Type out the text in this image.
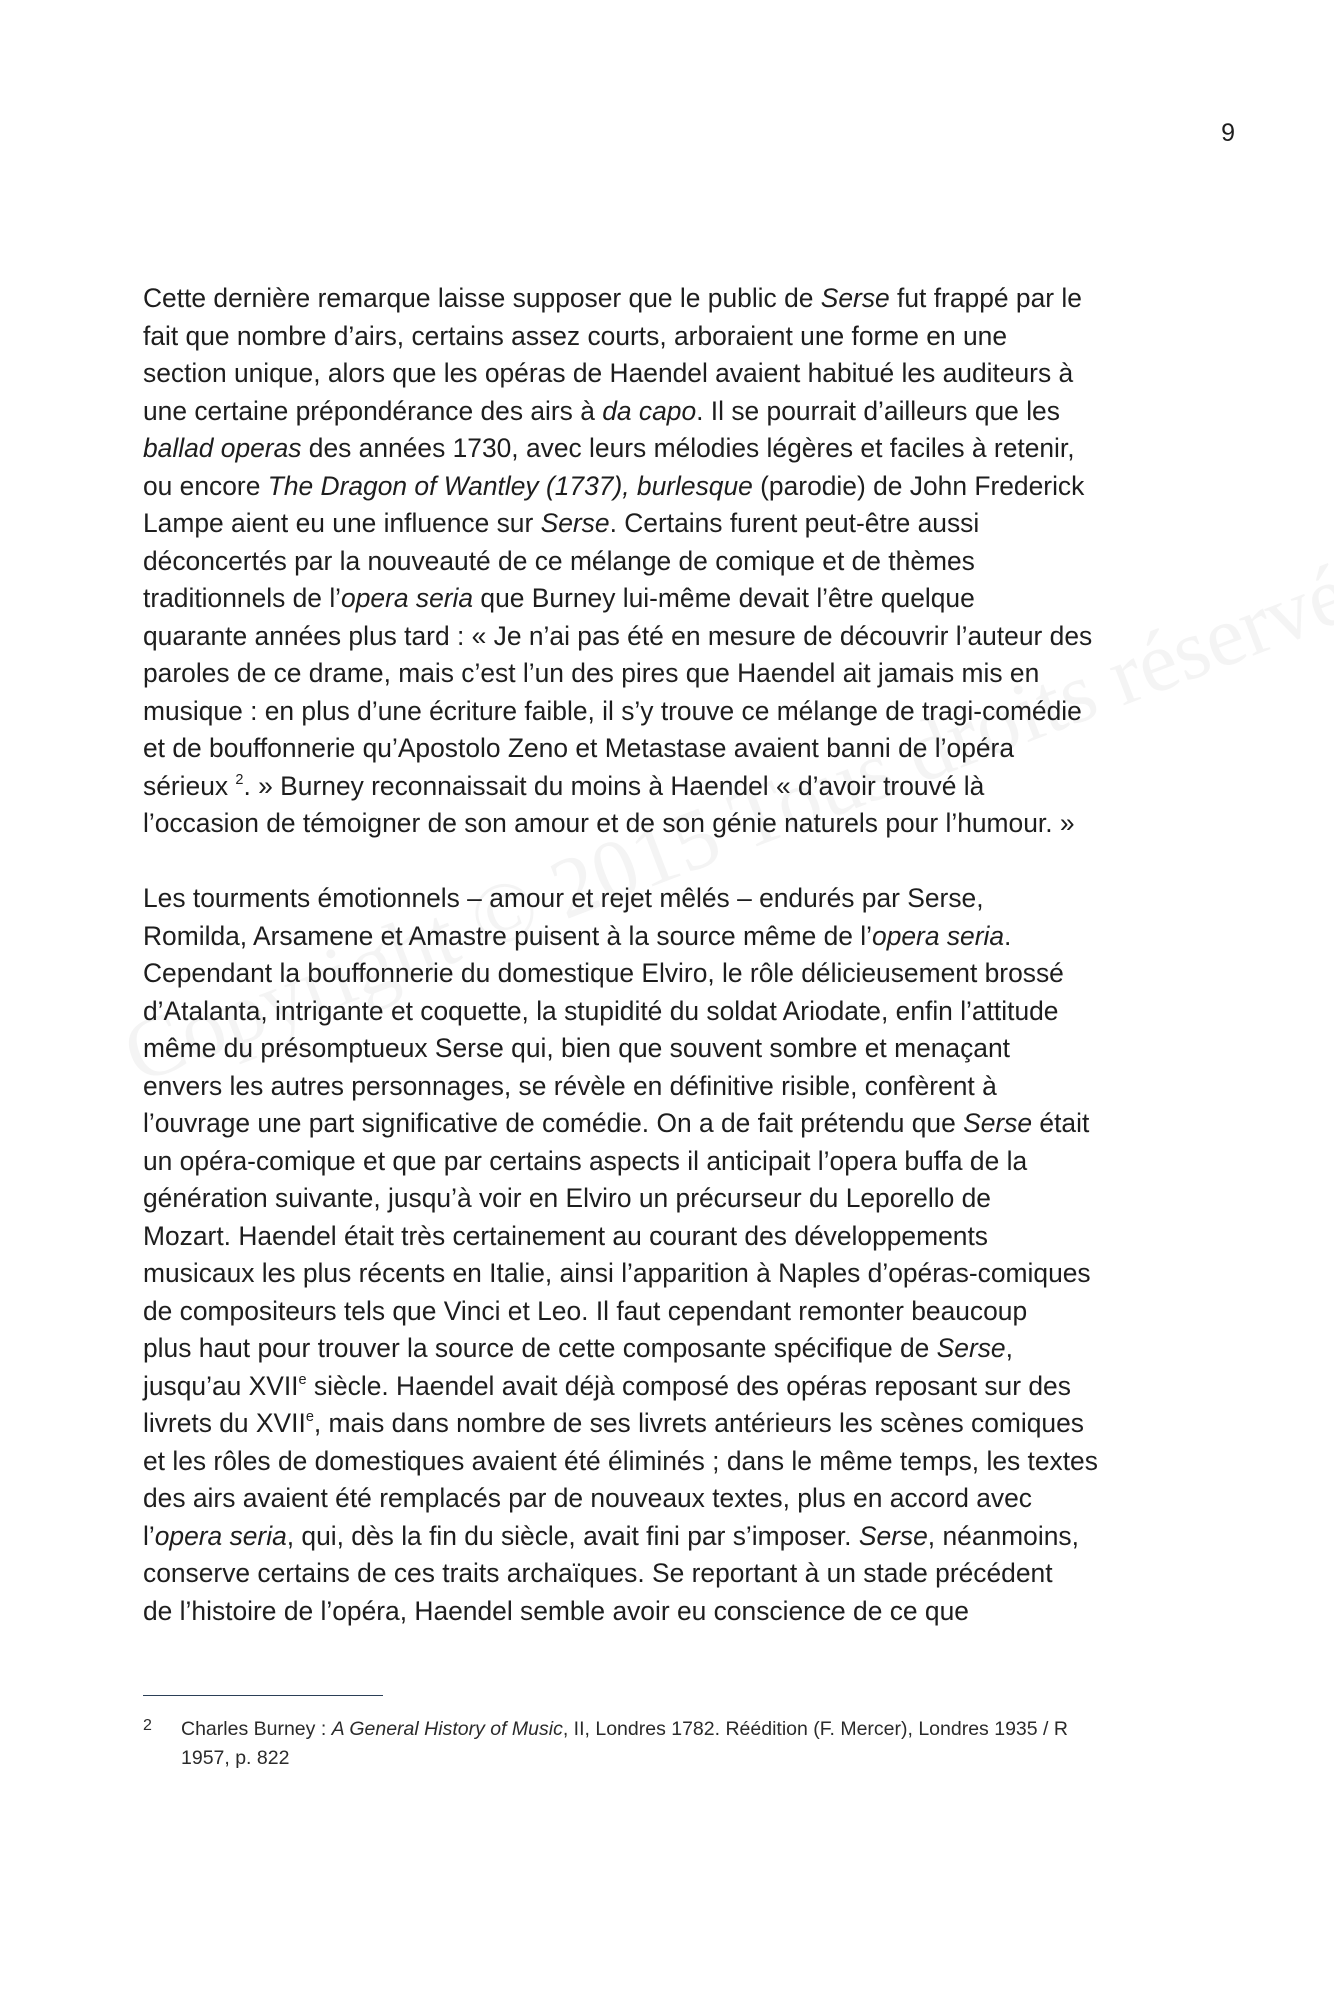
9

Cette dernière remarque laisse supposer que le public de Serse fut frappé par le
fait que nombre d’airs, certains assez courts, arboraient une forme en une
section unique, alors que les opéras de Haendel avaient habitué les auditeurs à
une certaine prépondérance des airs à da capo. Il se pourrait d’ailleurs que les
ballad operas des années 1730, avec leurs mélodies légères et faciles à retenir,
ou encore The Dragon of Wantley (1737), burlesque (parodie) de John Frederick
Lampe aient eu une influence sur Serse. Certains furent peut-être aussi
déconcertés par la nouveauté de ce mélange de comique et de thèmes
traditionnels de l’opera seria que Burney lui-même devait l’être quelque
quarante années plus tard : « Je n’ai pas été en mesure de découvrir l’auteur des
paroles de ce drame, mais c’est l’un des pires que Haendel ait jamais mis en
musique : en plus d’une écriture faible, il s’y trouve ce mélange de tragi-comédie
et de bouffonnerie qu’Apostolo Zeno et Metastase avaient banni de l’opéra
sérieux $^2$. » Burney reconnaissait du moins à Haendel « d’avoir trouvé là
l’occasion de témoigner de son amour et de son génie naturels pour l’humour. »

Les tourments émotionnels – amour et rejet mêlés – endurés par Serse,
Romilda, Arsamene et Amastre puisent à la source même de l’opera seria.
Cependant la bouffonnerie du domestique Elviro, le rôle délicieusement brossé
d’Atalanta, intrigante et coquette, la stupidité du soldat Ariodate, enfin l’attitude
même du présomptueux Serse qui, bien que souvent sombre et menaçant
envers les autres personnages, se révèle en définitive risible, confèrent à
l’ouvrage une part significative de comédie. On a de fait prétendu que Serse était
un opéra-comique et que par certains aspects il anticipait l’opera buffa de la
génération suivante, jusqu’à voir en Elviro un précurseur du Leporello de
Mozart. Haendel était très certainement au courant des développements
musicaux les plus récents en Italie, ainsi l’apparition à Naples d’opéras-comiques
de compositeurs tels que Vinci et Leo. Il faut cependant remonter beaucoup
plus haut pour trouver la source de cette composante spécifique de Serse,
jusqu’au XVIIe siècle. Haendel avait déjà composé des opéras reposant sur des
livrets du XVIIe, mais dans nombre de ses livrets antérieurs les scènes comiques
et les rôles de domestiques avaient été éliminés ; dans le même temps, les textes
des airs avaient été remplacés par de nouveaux textes, plus en accord avec
l’opera seria, qui, dès la fin du siècle, avait fini par s’imposer. Serse, néanmoins,
conserve certains de ces traits archaïques. Se reportant à un stade précédent
de l’histoire de l’opéra, Haendel semble avoir eu conscience de ce que

2 Charles Burney : A General History of Music, II, Londres 1782. Réédition (F. Mercer), Londres 1935 / R
1957, p. 822
